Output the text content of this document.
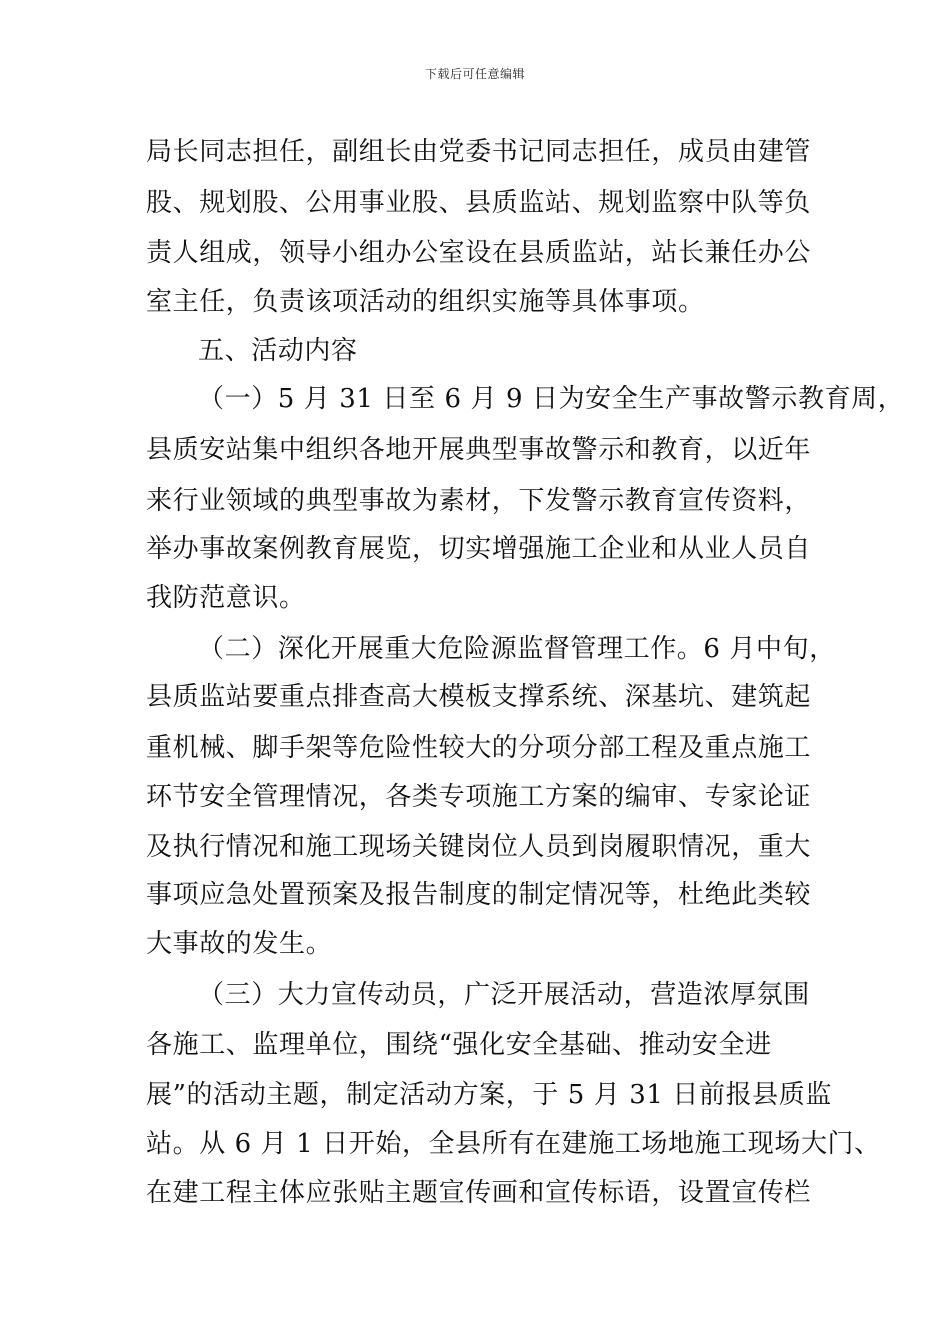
下载后可任意编辑
局长同志担任，副组长由党委书记同志担任，成员由建管
股、规划股、公用事业股、县质监站、规划监察中队等负
责人组成，领导小组办公室设在县质监站，站长兼任办公
室主任，负责该项活动的组织实施等具体事项。
五、活动内容
（一）5 月 31 日至 6 月 9 日为安全生产事故警示教育周，
县质安站集中组织各地开展典型事故警示和教育，以近年
来行业领域的典型事故为素材，下发警示教育宣传资料，
举办事故案例教育展览，切实增强施工企业和从业人员自
我防范意识。
（二）深化开展重大危险源监督管理工作。6 月中旬，
县质监站要重点排查高大模板支撑系统、深基坑、建筑起
重机械、脚手架等危险性较大的分项分部工程及重点施工
环节安全管理情况，各类专项施工方案的编审、专家论证
及执行情况和施工现场关键岗位人员到岗履职情况，重大
事项应急处置预案及报告制度的制定情况等，杜绝此类较
大事故的发生。
（三）大力宣传动员，广泛开展活动，营造浓厚氛围
各施工、监理单位，围绕“强化安全基础、推动安全进
展”的活动主题，制定活动方案，于 5 月 31 日前报县质监
站。从 6 月 1 日开始，全县所有在建施工场地施工现场大门、
在建工程主体应张贴主题宣传画和宣传标语，设置宣传栏
